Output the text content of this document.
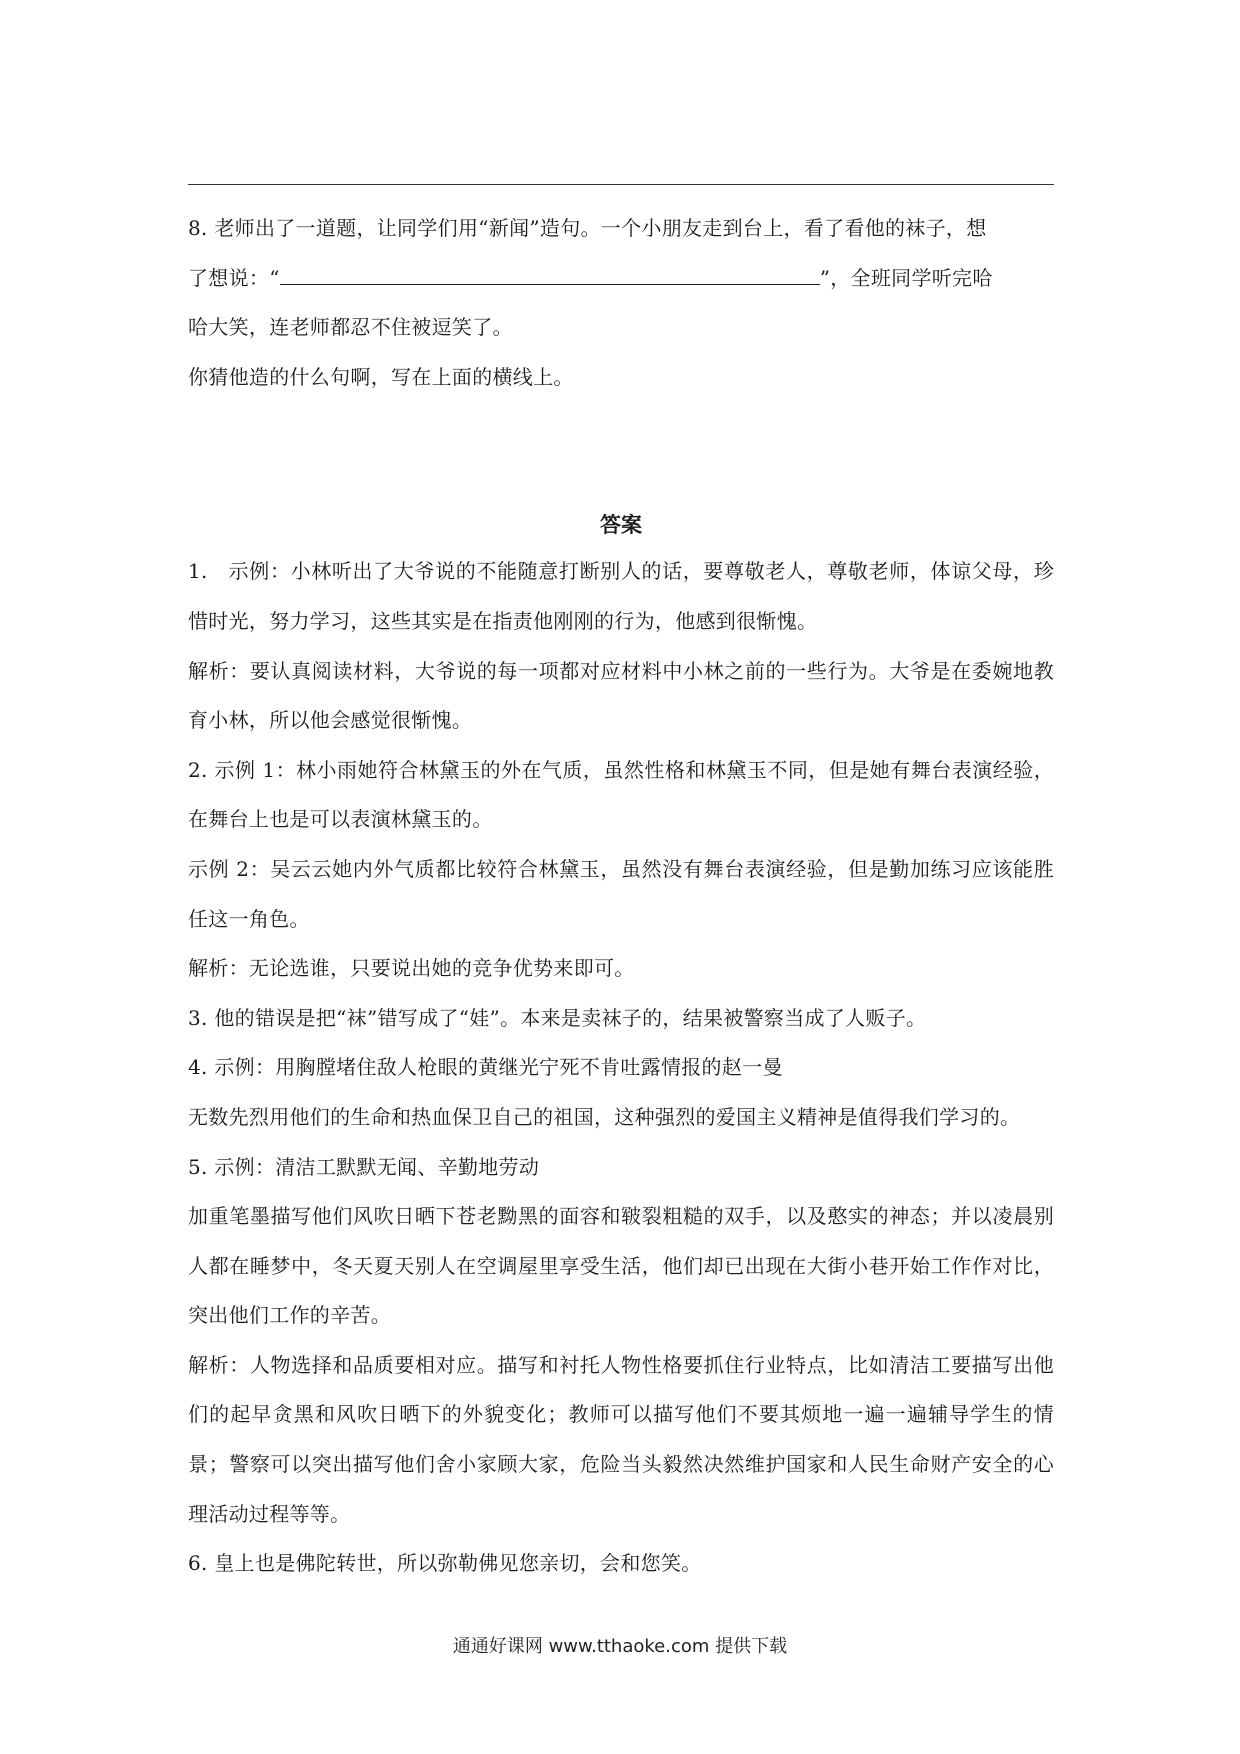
8. 老师出了一道题，让同学们用“新闻”造句。一个小朋友走到台上，看了看他的袜子，想

了想说：“	”，全班同学听完哈

哈大笑，连老师都忍不住被逗笑了。

你猜他造的什么句啊，写在上面的横线上。

答案

1.　示例：小林听出了大爷说的不能随意打断别人的话，要尊敬老人，尊敬老师，体谅父母，珍惜时光，努力学习，这些其实是在指责他刚刚的行为，他感到很惭愧。

解析：要认真阅读材料，大爷说的每一项都对应材料中小林之前的一些行为。大爷是在委婉地教育小林，所以他会感觉很惭愧。

2. 示例 1：林小雨她符合林黛玉的外在气质，虽然性格和林黛玉不同，但是她有舞台表演经验，在舞台上也是可以表演林黛玉的。

示例 2：吴云云她内外气质都比较符合林黛玉，虽然没有舞台表演经验，但是勤加练习应该能胜任这一角色。

解析：无论选谁，只要说出她的竞争优势来即可。

3. 他的错误是把“袜”错写成了“娃”。本来是卖袜子的，结果被警察当成了人贩子。

4. 示例：用胸膛堵住敌人枪眼的黄继光宁死不肯吐露情报的赵一曼

无数先烈用他们的生命和热血保卫自己的祖国，这种强烈的爱国主义精神是值得我们学习的。

5. 示例：清洁工默默无闻、辛勤地劳动

加重笔墨描写他们风吹日晒下苍老黝黑的面容和皲裂粗糙的双手，以及憨实的神态；并以凌晨别人都在睡梦中，冬天夏天别人在空调屋里享受生活，他们却已出现在大街小巷开始工作作对比，突出他们工作的辛苦。

解析：人物选择和品质要相对应。描写和衬托人物性格要抓住行业特点，比如清洁工要描写出他们的起早贪黑和风吹日晒下的外貌变化；教师可以描写他们不要其烦地一遍一遍辅导学生的情景；警察可以突出描写他们舍小家顾大家，危险当头毅然决然维护国家和人民生命财产安全的心理活动过程等等。

6. 皇上也是佛陀转世，所以弥勒佛见您亲切，会和您笑。

通通好课网 www.tthaoke.com 提供下载
